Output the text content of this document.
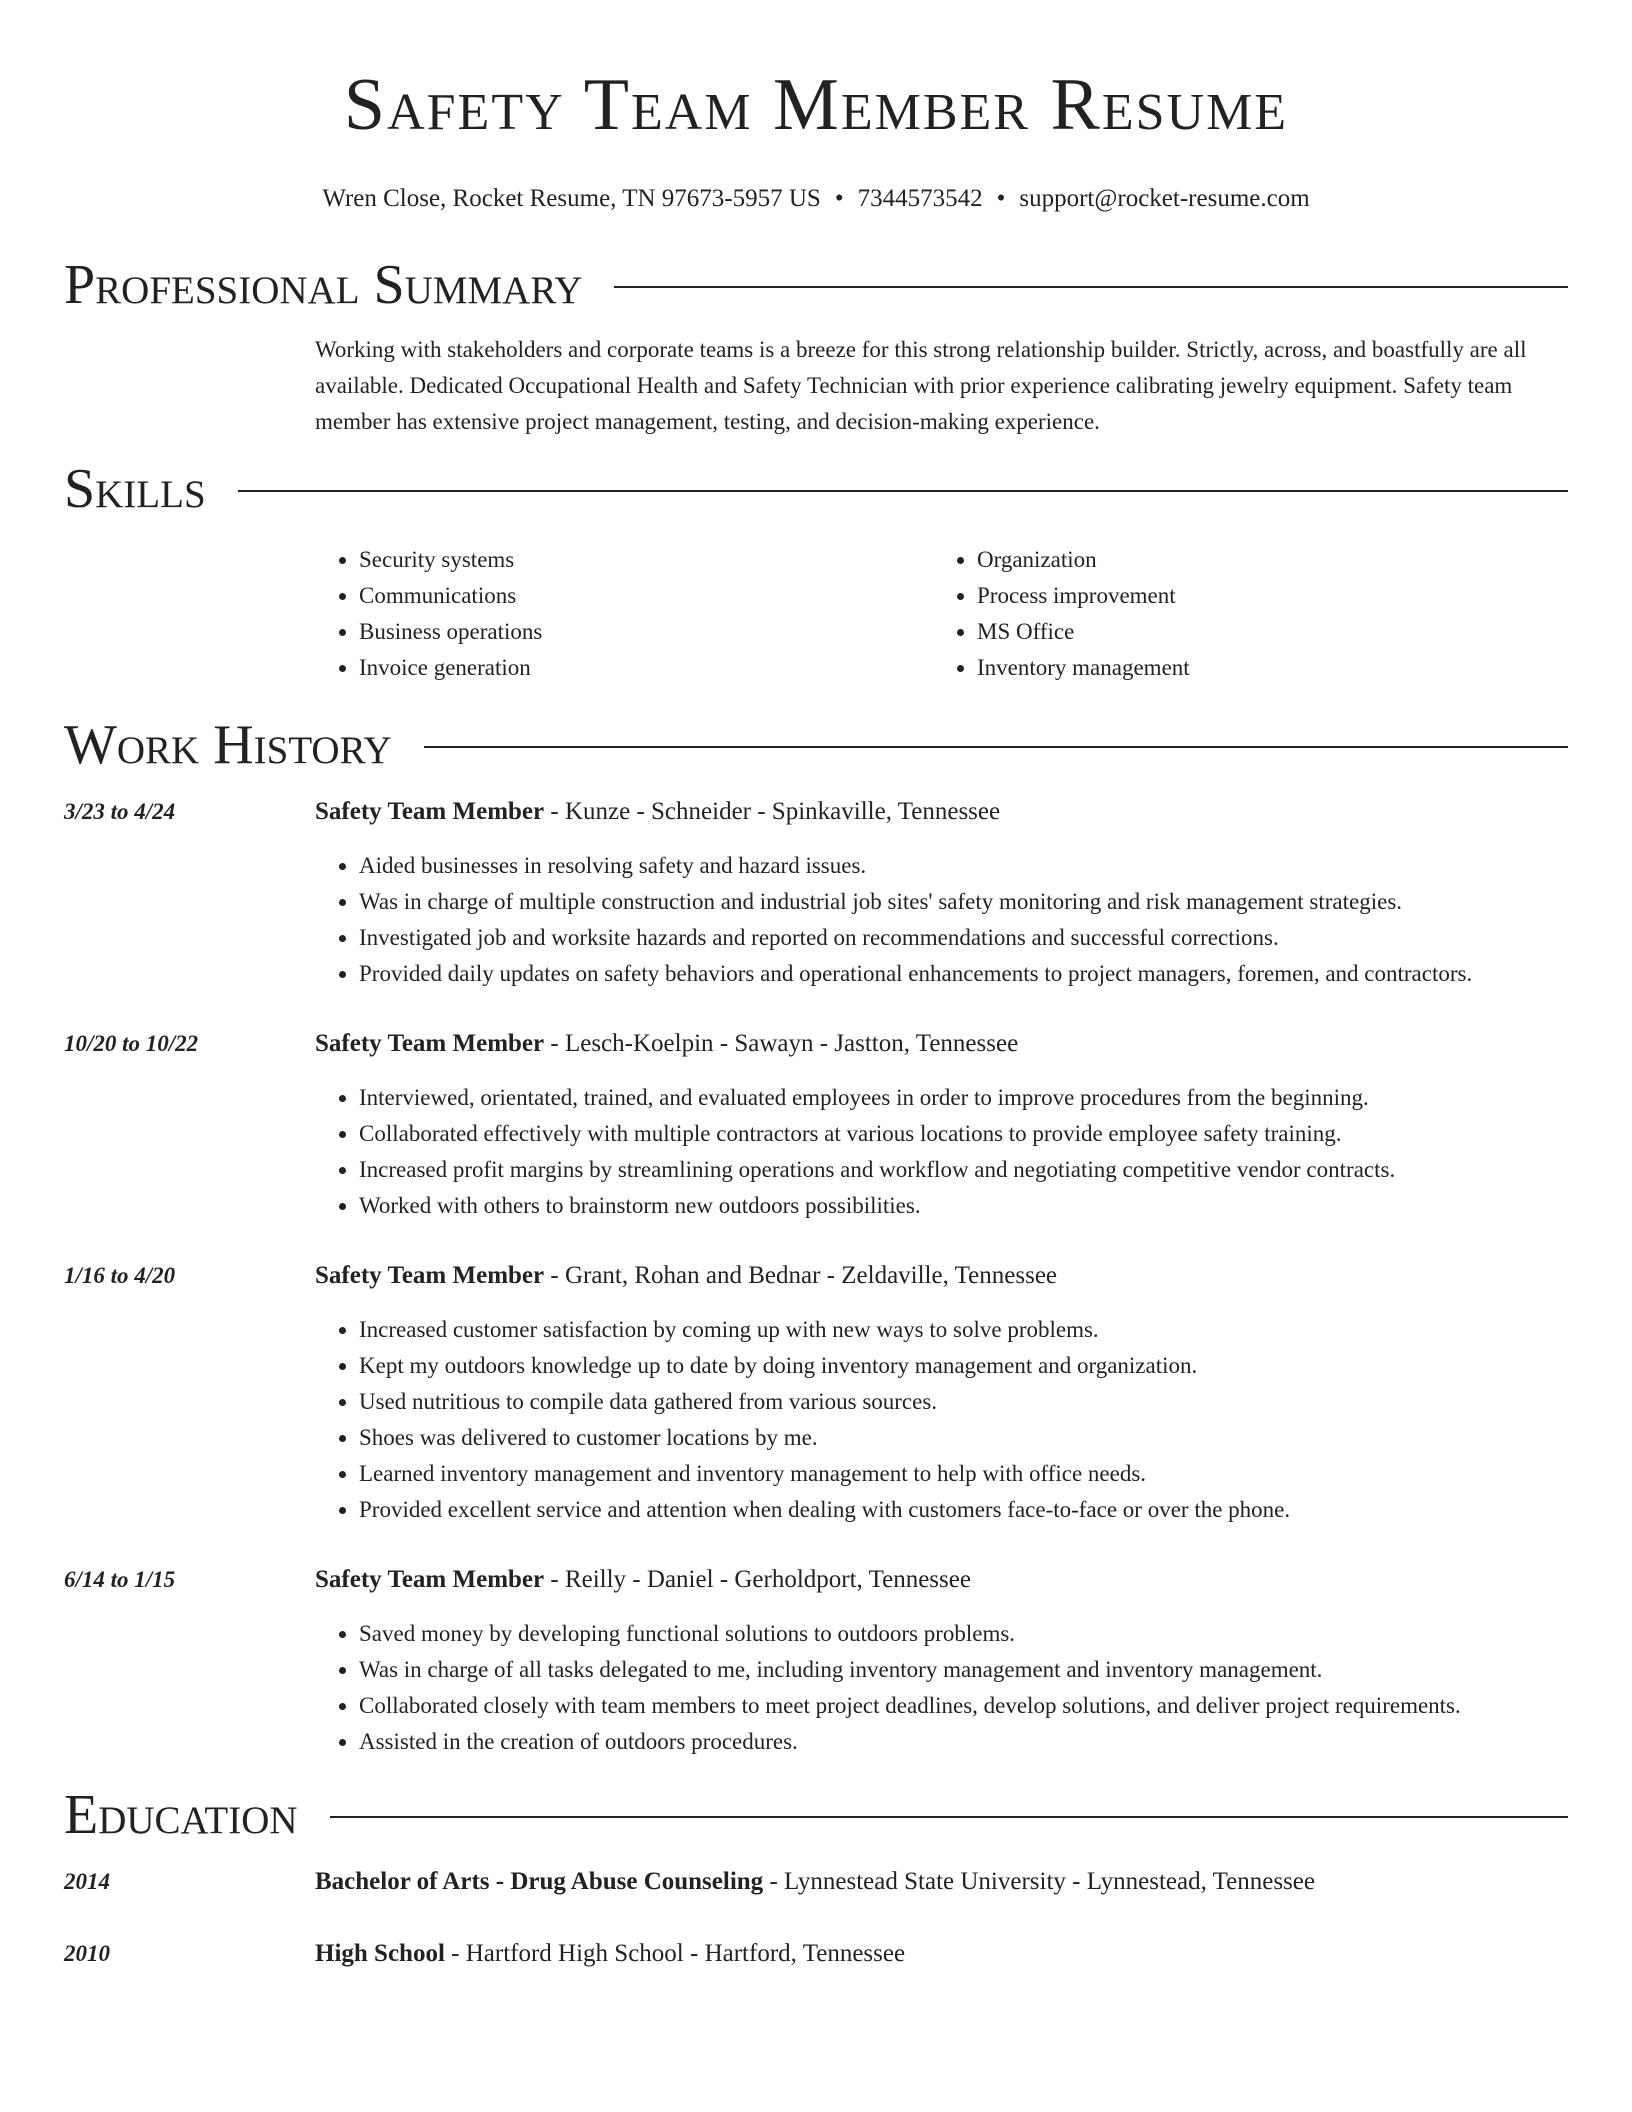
Safety Team Member Resume
Wren Close, Rocket Resume, TN 97673-5957 US • 7344573542 • support@rocket-resume.com
Professional Summary
Working with stakeholders and corporate teams is a breeze for this strong relationship builder. Strictly, across, and boastfully are all available. Dedicated Occupational Health and Safety Technician with prior experience calibrating jewelry equipment. Safety team member has extensive project management, testing, and decision-making experience.
Skills
• Security systems
• Communications
• Business operations
• Invoice generation
• Organization
• Process improvement
• MS Office
• Inventory management
Work History
3/23 to 4/24	Safety Team Member - Kunze - Schneider - Spinkaville, Tennessee
• Aided businesses in resolving safety and hazard issues.
• Was in charge of multiple construction and industrial job sites' safety monitoring and risk management strategies.
• Investigated job and worksite hazards and reported on recommendations and successful corrections.
• Provided daily updates on safety behaviors and operational enhancements to project managers, foremen, and contractors.
10/20 to 10/22	Safety Team Member - Lesch-Koelpin - Sawayn - Jastton, Tennessee
• Interviewed, orientated, trained, and evaluated employees in order to improve procedures from the beginning.
• Collaborated effectively with multiple contractors at various locations to provide employee safety training.
• Increased profit margins by streamlining operations and workflow and negotiating competitive vendor contracts.
• Worked with others to brainstorm new outdoors possibilities.
1/16 to 4/20	Safety Team Member - Grant, Rohan and Bednar - Zeldaville, Tennessee
• Increased customer satisfaction by coming up with new ways to solve problems.
• Kept my outdoors knowledge up to date by doing inventory management and organization.
• Used nutritious to compile data gathered from various sources.
• Shoes was delivered to customer locations by me.
• Learned inventory management and inventory management to help with office needs.
• Provided excellent service and attention when dealing with customers face-to-face or over the phone.
6/14 to 1/15	Safety Team Member - Reilly - Daniel - Gerholdport, Tennessee
• Saved money by developing functional solutions to outdoors problems.
• Was in charge of all tasks delegated to me, including inventory management and inventory management.
• Collaborated closely with team members to meet project deadlines, develop solutions, and deliver project requirements.
• Assisted in the creation of outdoors procedures.
Education
2014	Bachelor of Arts - Drug Abuse Counseling - Lynnestead State University - Lynnestead, Tennessee
2010	High School - Hartford High School - Hartford, Tennessee
